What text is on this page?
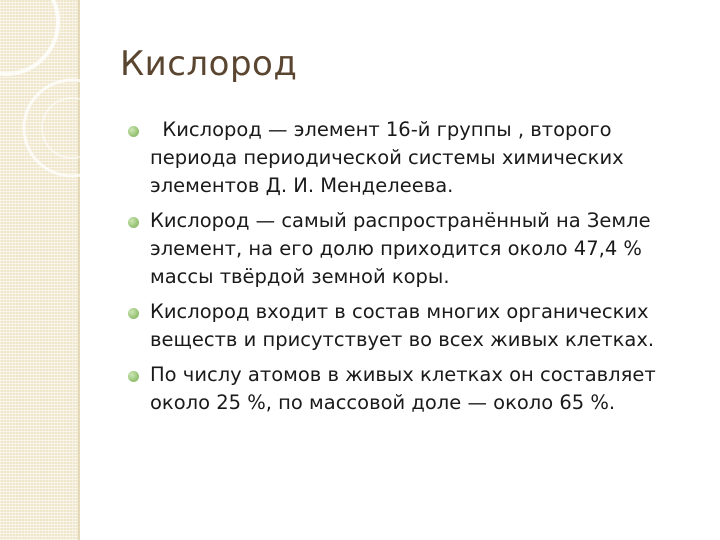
Кислород
Кислород — элемент 16-й группы , второго периода периодической системы химических элементов Д. И. Менделеева.
Кислород — самый распространённый на Земле элемент, на его долю приходится около 47,4 % массы твёрдой земной коры.
Кислород входит в состав многих органических веществ и присутствует во всех живых клетках.
По числу атомов в живых клетках он составляет около 25 %, по массовой доле — около 65 %.
